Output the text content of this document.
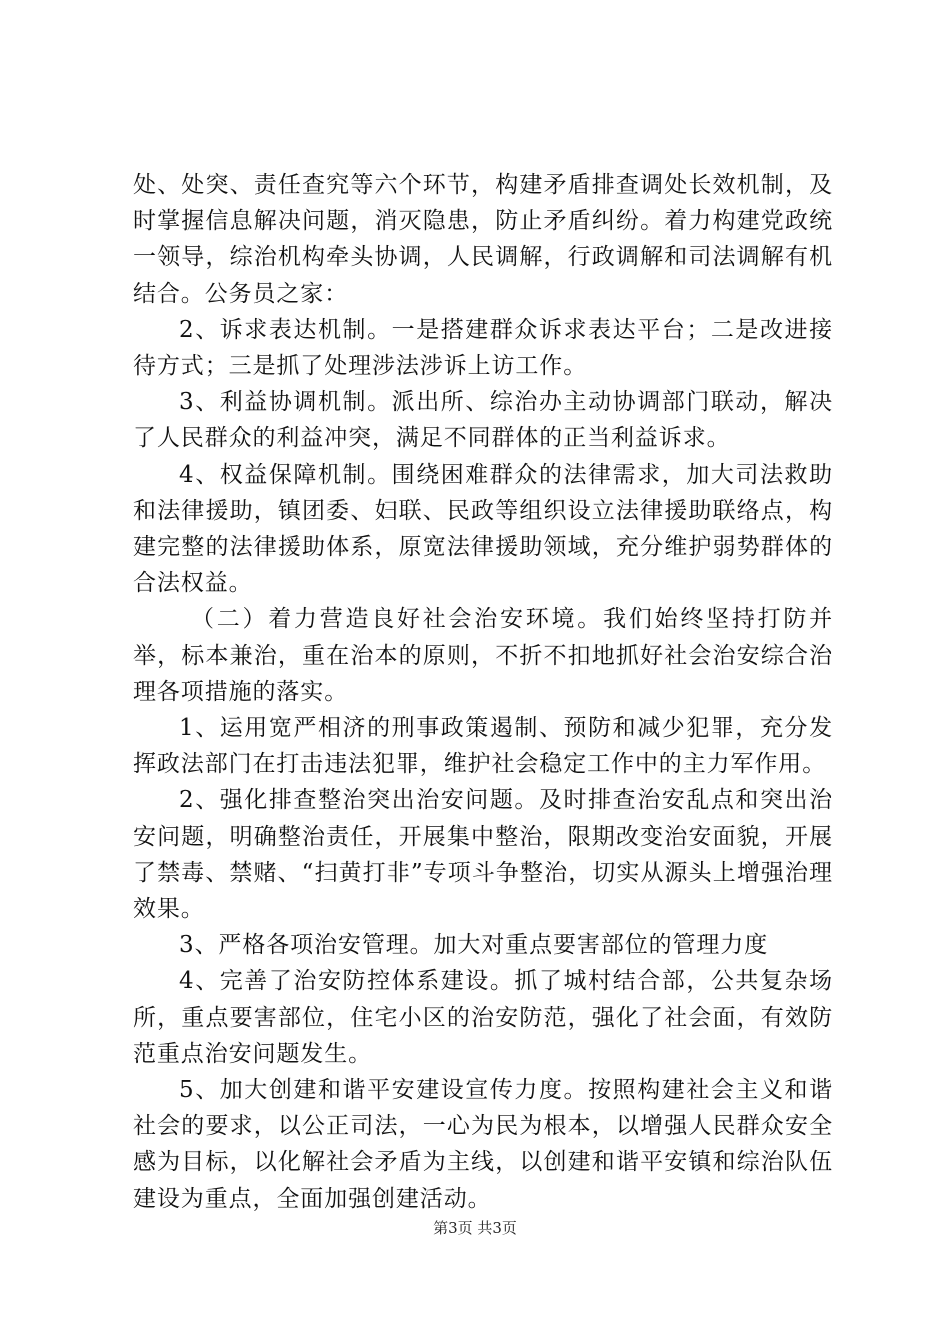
处、处突、责任查究等六个环节，构建矛盾排查调处长效机制，及时掌握信息解决问题，消灭隐患，防止矛盾纠纷。着力构建党政统一领导，综治机构牵头协调，人民调解，行政调解和司法调解有机结合。公务员之家：

2、诉求表达机制。一是搭建群众诉求表达平台；二是改进接待方式；三是抓了处理涉法涉诉上访工作。

3、利益协调机制。派出所、综治办主动协调部门联动，解决了人民群众的利益冲突，满足不同群体的正当利益诉求。

4、权益保障机制。围绕困难群众的法律需求，加大司法救助和法律援助，镇团委、妇联、民政等组织设立法律援助联络点，构建完整的法律援助体系，原宽法律援助领域，充分维护弱势群体的合法权益。

（二）着力营造良好社会治安环境。我们始终坚持打防并举，标本兼治，重在治本的原则，不折不扣地抓好社会治安综合治理各项措施的落实。

1、运用宽严相济的刑事政策遏制、预防和减少犯罪，充分发挥政法部门在打击违法犯罪，维护社会稳定工作中的主力军作用。

2、强化排查整治突出治安问题。及时排查治安乱点和突出治安问题，明确整治责任，开展集中整治，限期改变治安面貌，开展了禁毒、禁赌、“扫黄打非”专项斗争整治，切实从源头上增强治理效果。

3、严格各项治安管理。加大对重点要害部位的管理力度

4、完善了治安防控体系建设。抓了城村结合部，公共复杂场所，重点要害部位，住宅小区的治安防范，强化了社会面，有效防范重点治安问题发生。

5、加大创建和谐平安建设宣传力度。按照构建社会主义和谐社会的要求，以公正司法，一心为民为根本，以增强人民群众安全感为目标，以化解社会矛盾为主线，以创建和谐平安镇和综治队伍建设为重点，全面加强创建活动。

第3页 共3页
